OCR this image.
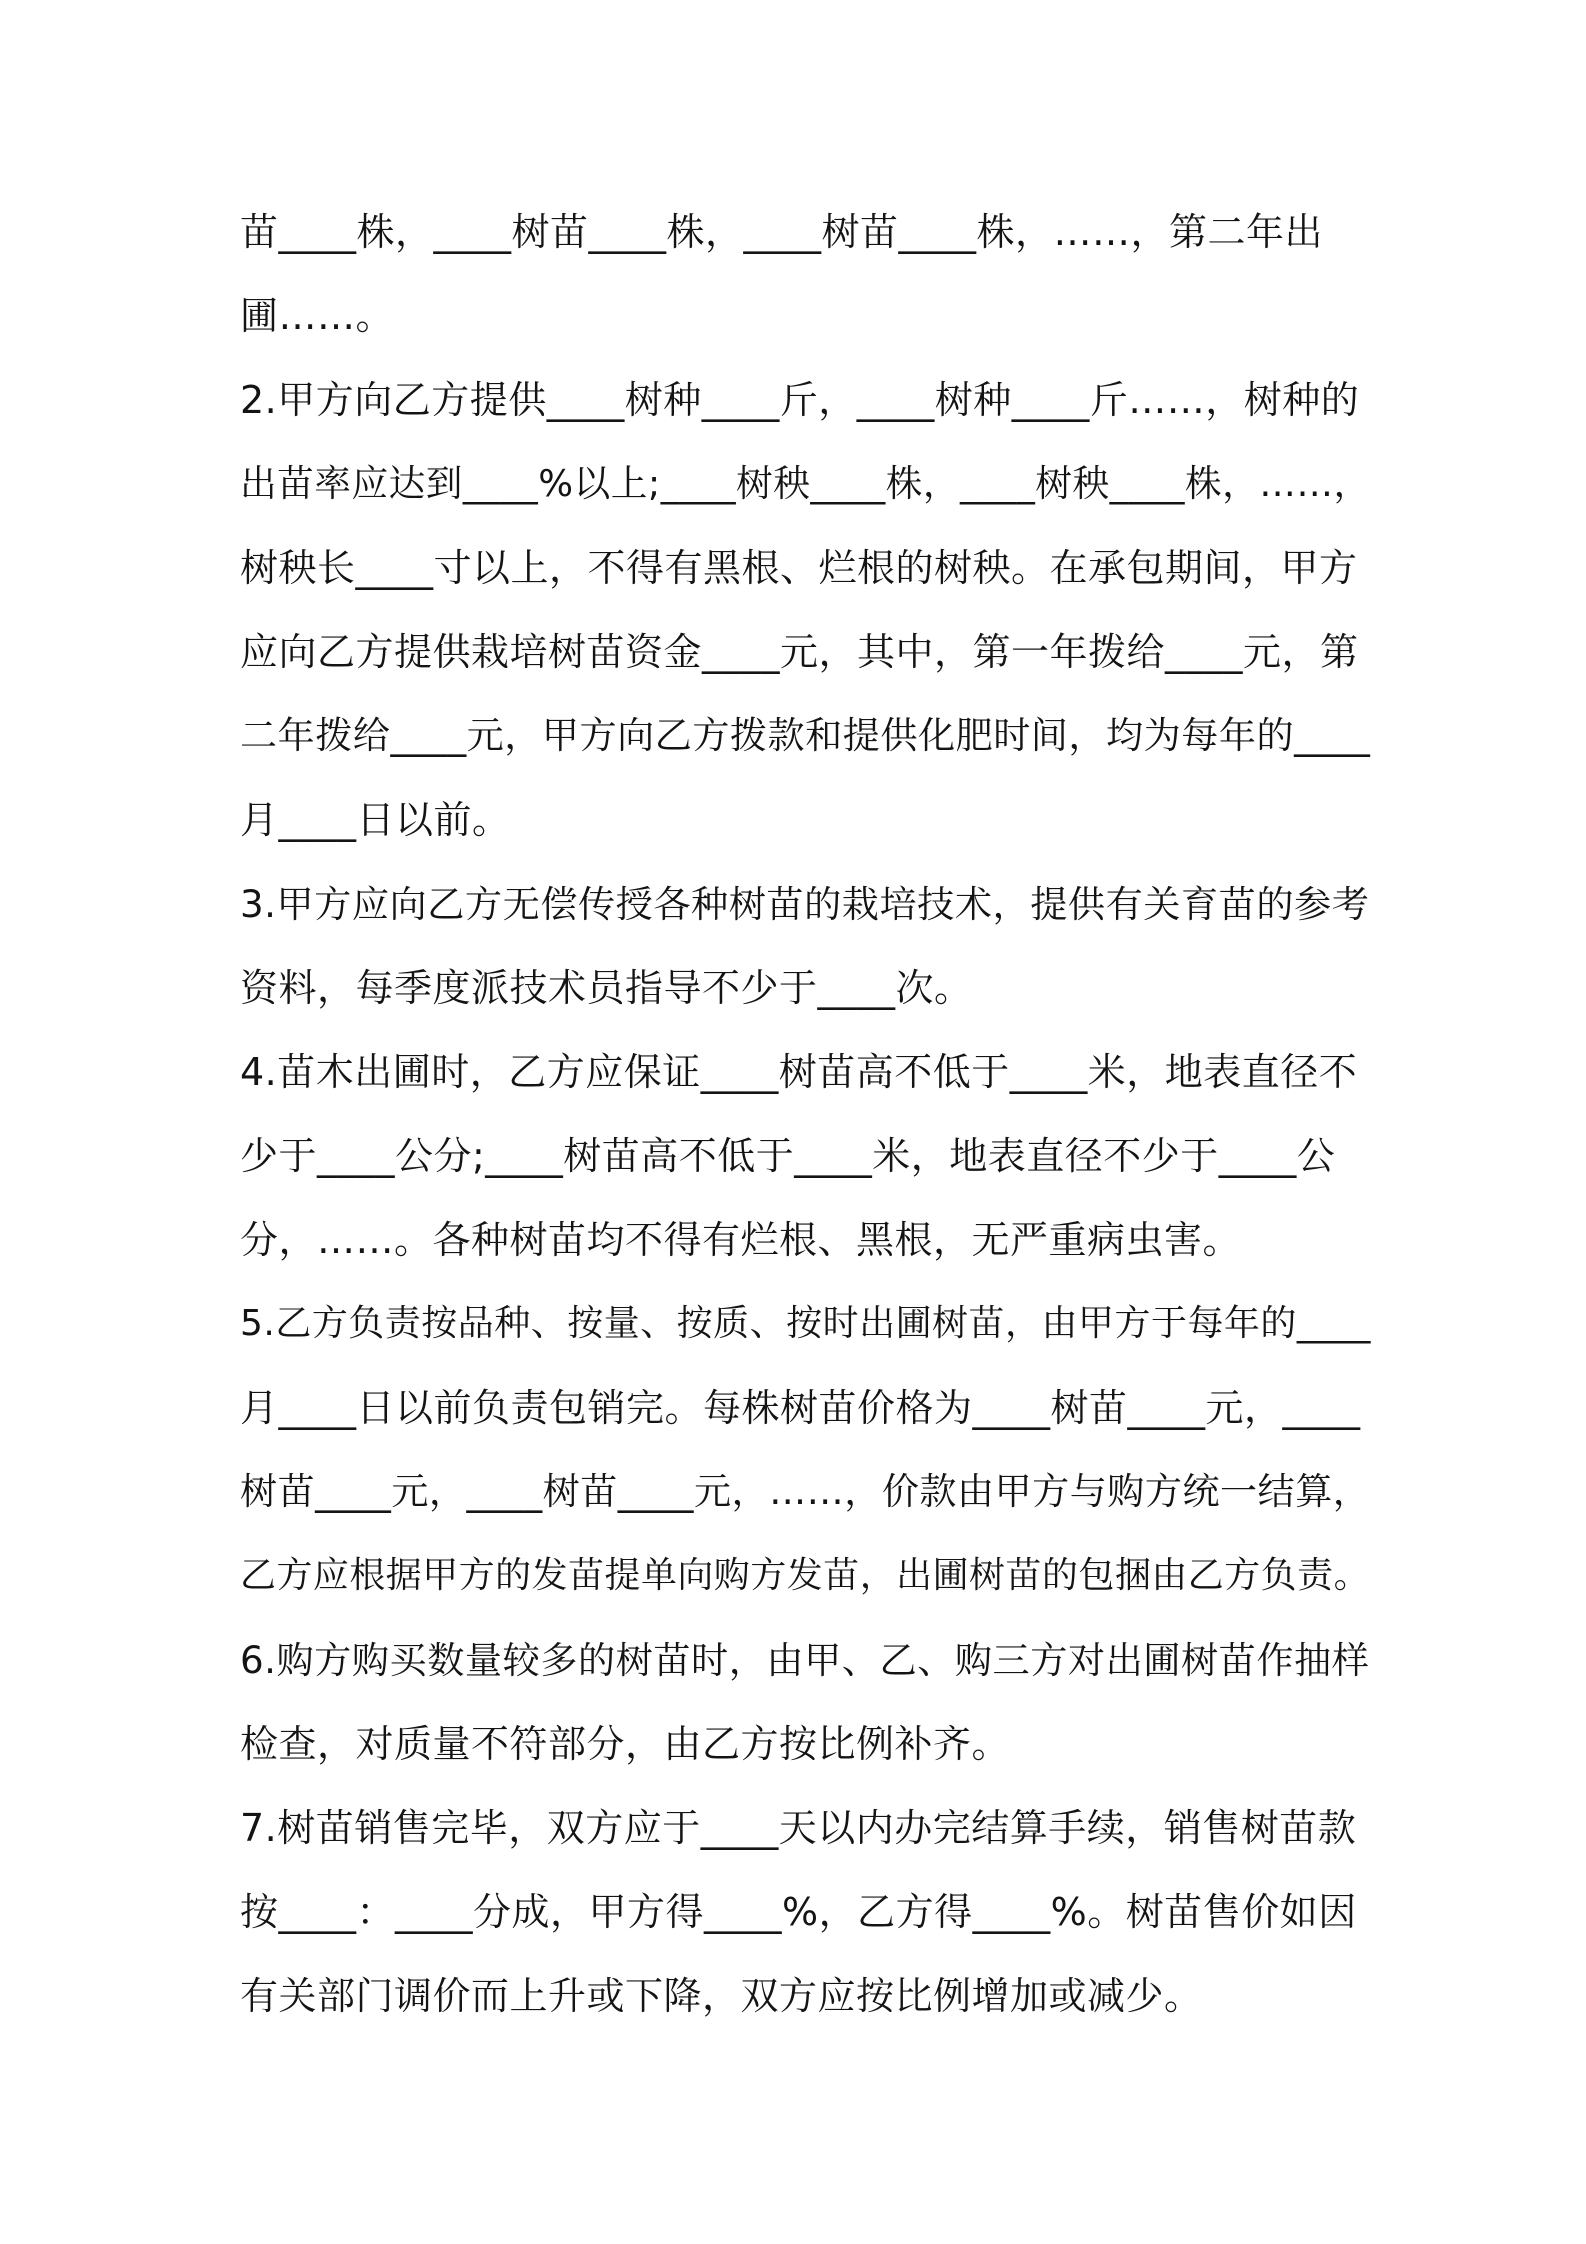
苗____株，____树苗____株，____树苗____株，……，第二年出
圃……。
2.甲方向乙方提供____树种____斤，____树种____斤……，树种的
出苗率应达到____%以上;____树秧____株，____树秧____株，……，
树秧长____寸以上，不得有黑根、烂根的树秧。在承包期间，甲方
应向乙方提供栽培树苗资金____元，其中，第一年拨给____元，第
二年拨给____元，甲方向乙方拨款和提供化肥时间，均为每年的____
月____日以前。
3.甲方应向乙方无偿传授各种树苗的栽培技术，提供有关育苗的参考
资料，每季度派技术员指导不少于____次。
4.苗木出圃时，乙方应保证____树苗高不低于____米，地表直径不
少于____公分;____树苗高不低于____米，地表直径不少于____公
分，……。各种树苗均不得有烂根、黑根，无严重病虫害。
5.乙方负责按品种、按量、按质、按时出圃树苗，由甲方于每年的____
月____日以前负责包销完。每株树苗价格为____树苗____元，____
树苗____元，____树苗____元，……，价款由甲方与购方统一结算，
乙方应根据甲方的发苗提单向购方发苗，出圃树苗的包捆由乙方负责。
6.购方购买数量较多的树苗时，由甲、乙、购三方对出圃树苗作抽样
检查，对质量不符部分，由乙方按比例补齐。
7.树苗销售完毕，双方应于____天以内办完结算手续，销售树苗款
按____：____分成，甲方得____%，乙方得____%。树苗售价如因
有关部门调价而上升或下降，双方应按比例增加或减少。
